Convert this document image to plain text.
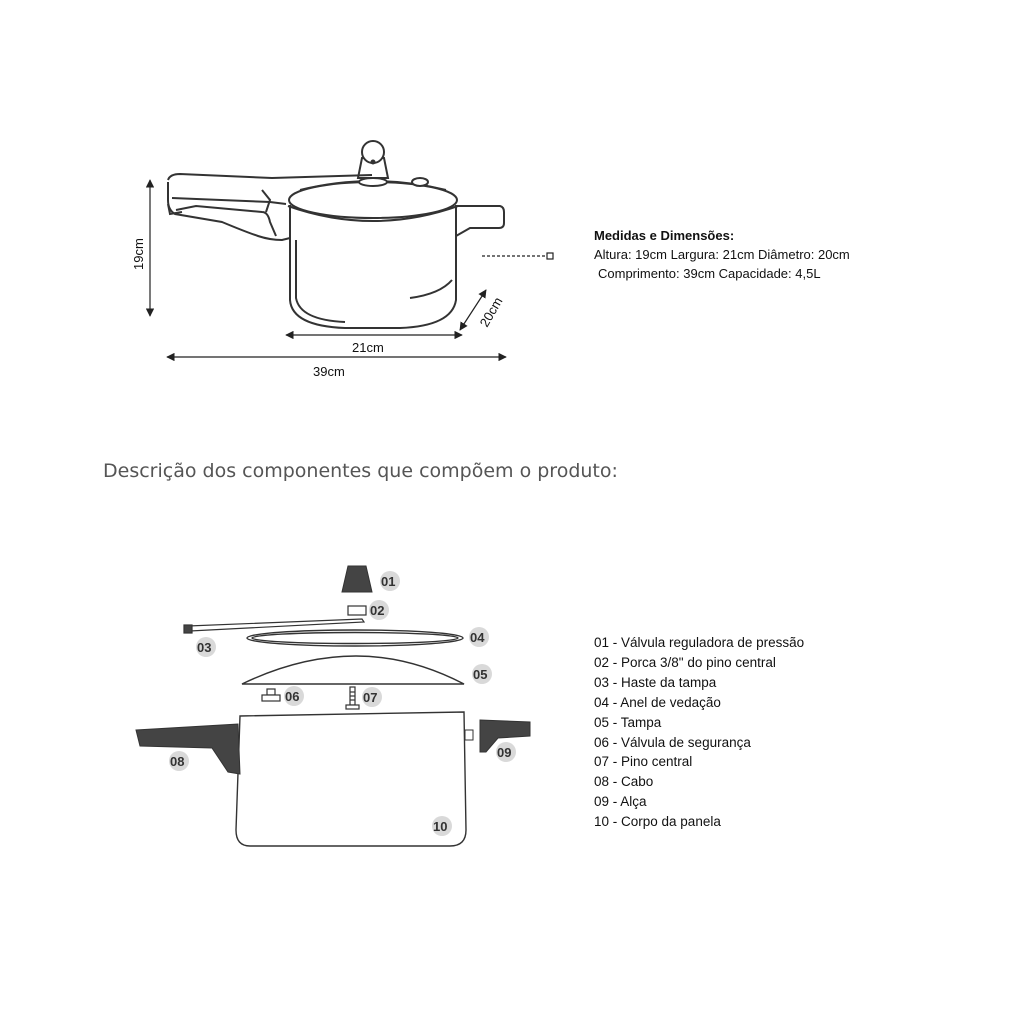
19cm
21cm
20cm
39cm
Medidas e Dimensões:
Altura: 19cm Largura: 21cm Diâmetro: 20cm
Comprimento: 39cm Capacidade: 4,5L
Descrição dos componentes que compõem o produto:
01
02
03
04
05
06	07
08
09
10
01 - Válvula reguladora de pressão
02 - Porca 3/8" do pino central
03 - Haste da tampa
04 - Anel de vedação
05 - Tampa
06 - Válvula de segurança
07 - Pino central
08 - Cabo
09 - Alça
10 - Corpo da panela
